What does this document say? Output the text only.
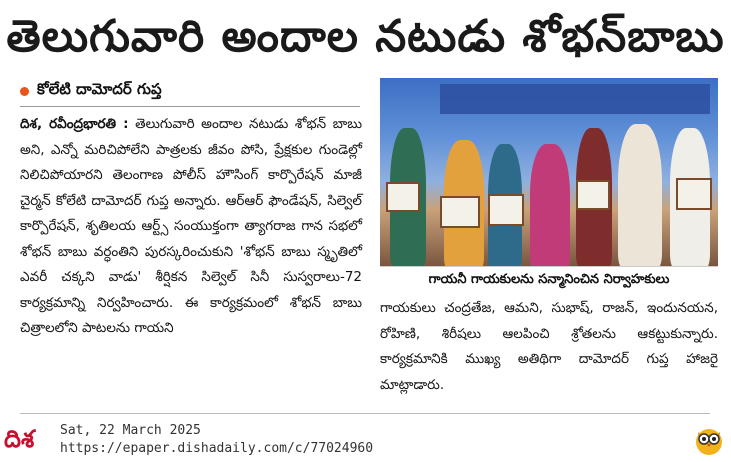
తెలుగువారి అందాల నటుడు శోభన్‌బాబు
కోలేటి దామోదర్ గుప్త
దిశ, రవీంద్రభారతి : తెలుగువారి అందాల నటుడు శోభన్ బాబు అని, ఎన్నో మరిచిపోలేని పాత్రలకు జీవం పోసి, ప్రేక్షకుల గుండెల్లో నిలిచిపోయారని తెలంగాణ పోలీస్ హౌసింగ్ కార్పొరేషన్ మాజీ చైర్మన్ కోలేటి దామోదర్ గుప్త అన్నారు. ఆర్‌ఆర్ ఫౌండేషన్, సిల్వెల్ కార్పొరేషన్, శృతిలయ ఆర్ట్స్ సంయుక్తంగా త్యాగరాజ గాన సభలో శోభన్ బాబు వర్ధంతిని పురస్కరించుకుని 'శోభన్ బాబు స్మృతిలో ఎవరీ చక్కని వాడు' శీర్షికన సిల్వెల్ సినీ సుస్వరాలు-72 కార్యక్రమాన్ని నిర్వహించారు. ఈ కార్యక్రమంలో శోభన్ బాబు చిత్రాలలోని పాటలను గాయని
గాయనీ గాయకులను సన్మానించిన నిర్వాహకులు
గాయకులు చంద్రతేజ, ఆమని, సుభాష్, రాజన్, ఇందునయన, రోహిణి, శిరీషలు ఆలపించి శ్రోతలను ఆకట్టుకున్నారు. కార్యక్రమానికి ముఖ్య అతిథిగా దామోదర్ గుప్త హాజరై మాట్లాడారు.
దిశ	Sat, 22 March 2025
https://epaper.dishadaily.com/c/77024960
